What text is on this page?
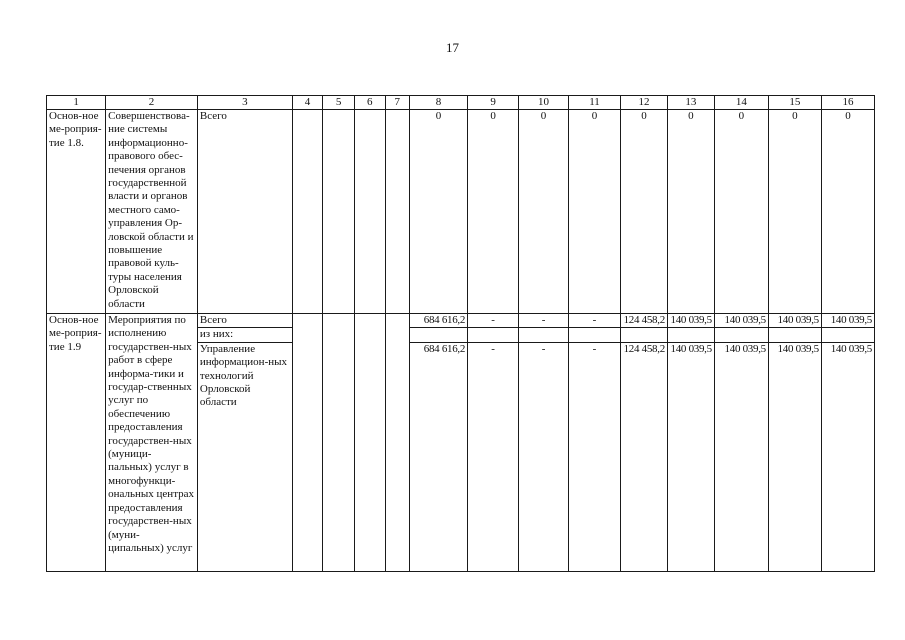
17
1	2	3	4	5	6	7	8	9	10	11	12	13	14	15	16
Основ-ное ме-роприя-тие 1.8.	Совершенствова-ние системы информационно-правового обес-печения органов государственной власти и органов местного само-управления Ор-ловской области и повышение правовой куль-туры населения Орловской области	Всего					0	0	0	0	0	0	0	0	0
Основ-ное ме-роприя-тие 1.9	Мероприятия по исполнению государствен-ных работ в сфере информа-тики и государ-ственных услуг по обеспечению предоставления государствен-ных (муници-пальных) услуг в многофункци-ональных центрах предоставления государствен-ных (муни-ципальных) услуг	Всего					684 616,2	-	-	-	124 458,2	140 039,5	140 039,5	140 039,5	140 039,5
		из них:													
		Управление информацион-ных технологий Орловской области					684 616,2	-	-	-	124 458,2	140 039,5	140 039,5	140 039,5	140 039,5
